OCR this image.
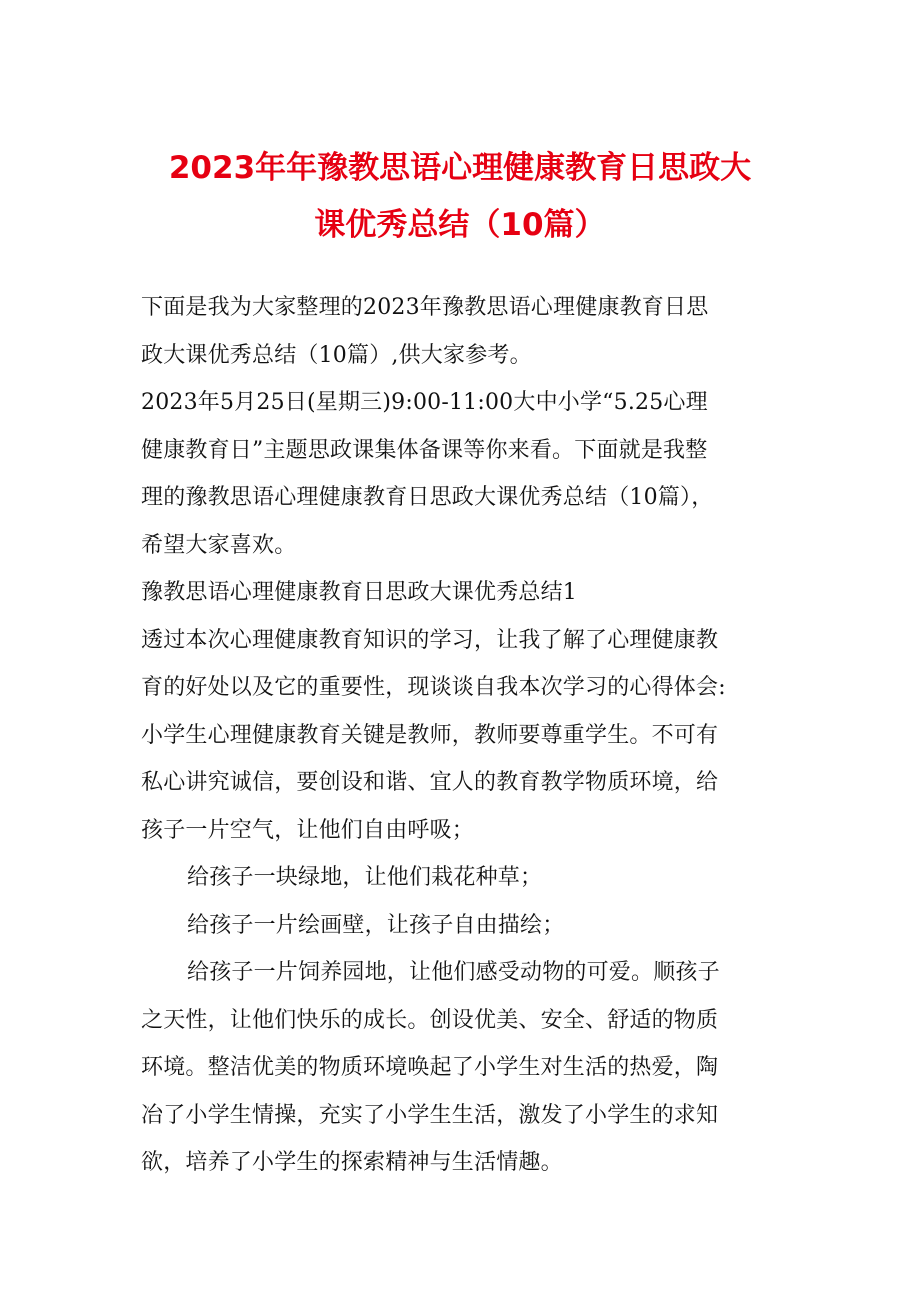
2023年年豫教思语心理健康教育日思政大
课优秀总结（10篇）
下面是我为大家整理的2023年豫教思语心理健康教育日思
政大课优秀总结（10篇）,供大家参考。
2023年5月25日(星期三)9:00-11:00大中小学“5.25心理
健康教育日”主题思政课集体备课等你来看。下面就是我整
理的豫教思语心理健康教育日思政大课优秀总结（10篇），
希望大家喜欢。
豫教思语心理健康教育日思政大课优秀总结1
透过本次心理健康教育知识的学习，让我了解了心理健康教
育的好处以及它的重要性，现谈谈自我本次学习的心得体会:
小学生心理健康教育关键是教师，教师要尊重学生。不可有
私心讲究诚信，要创设和谐、宜人的教育教学物质环境，给
孩子一片空气，让他们自由呼吸；
给孩子一块绿地，让他们栽花种草；
给孩子一片绘画壁，让孩子自由描绘；
给孩子一片饲养园地，让他们感受动物的可爱。顺孩子
之天性，让他们快乐的成长。创设优美、安全、舒适的物质
环境。整洁优美的物质环境唤起了小学生对生活的热爱，陶
冶了小学生情操，充实了小学生生活，激发了小学生的求知
欲，培养了小学生的探索精神与生活情趣。
